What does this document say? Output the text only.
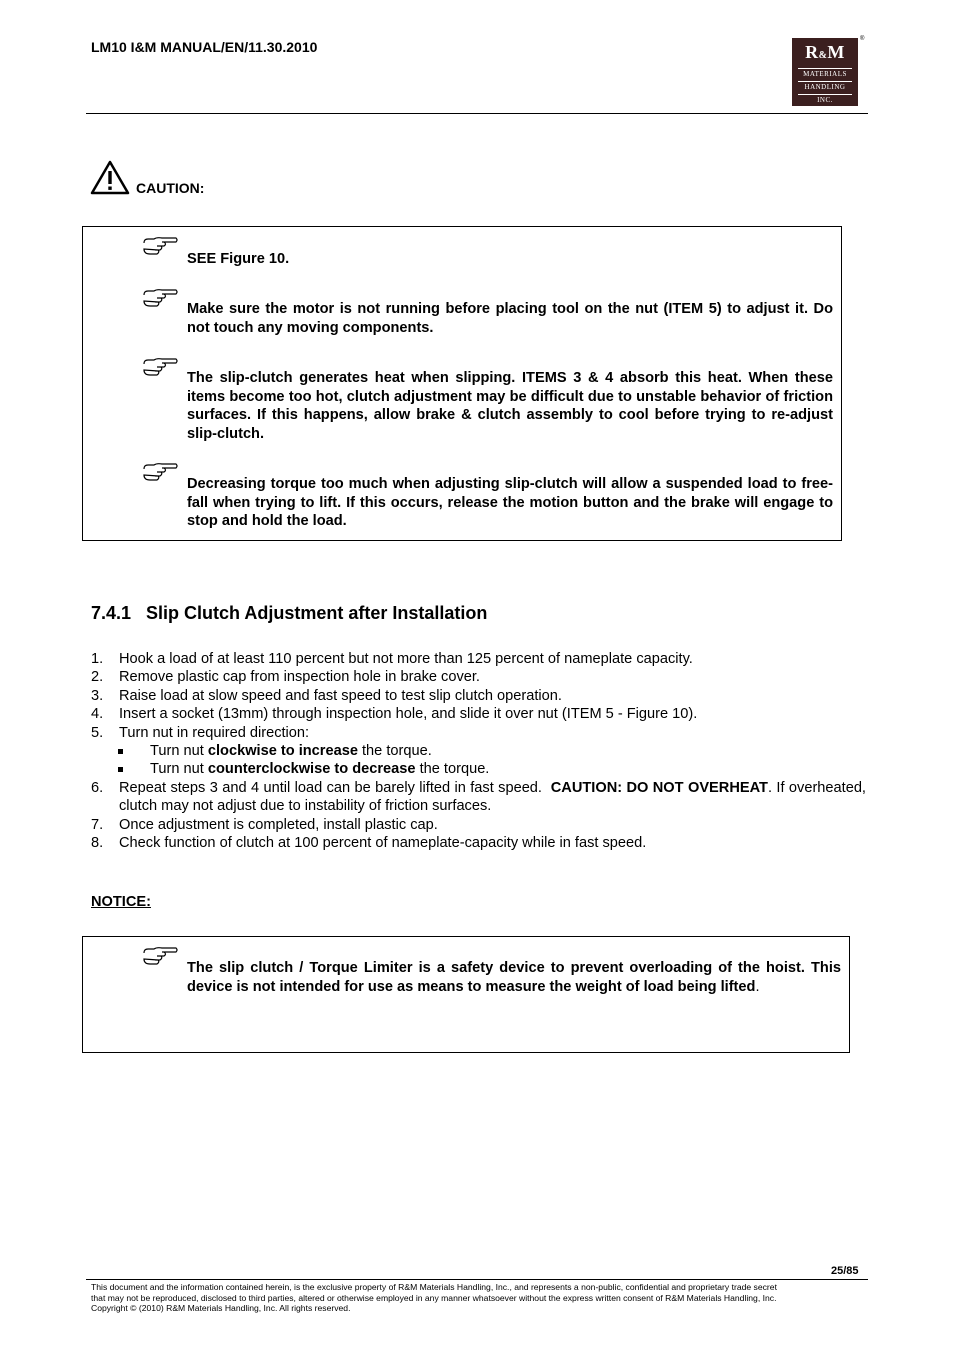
LM10 I&M MANUAL/EN/11.30.2010	R&M
MATERIALS
HANDLING
INC.
®
CAUTION:
SEE Figure 10.
Make sure the motor is not running before placing tool on the nut (ITEM 5) to adjust it. Do not touch any moving components.
The slip-clutch generates heat when slipping. ITEMS 3 & 4 absorb this heat. When these items become too hot, clutch adjustment may be difficult due to unstable behavior of friction surfaces. If this happens, allow brake & clutch assembly to cool before trying to re-adjust slip-clutch.
Decreasing torque too much when adjusting slip-clutch will allow a suspended load to free-fall when trying to lift. If this occurs, release the motion button and the brake will engage to stop and hold the load.
7.4.1   Slip Clutch Adjustment after Installation
1. Hook a load of at least 110 percent but not more than 125 percent of nameplate capacity.
2. Remove plastic cap from inspection hole in brake cover.
3. Raise load at slow speed and fast speed to test slip clutch operation.
4. Insert a socket (13mm) through inspection hole, and slide it over nut (ITEM 5 - Figure 10).
5. Turn nut in required direction:
Turn nut clockwise to increase the torque.
Turn nut counterclockwise to decrease the torque.
6. Repeat steps 3 and 4 until load can be barely lifted in fast speed.  CAUTION: DO NOT OVERHEAT. If overheated, clutch may not adjust due to instability of friction surfaces.
7. Once adjustment is completed, install plastic cap.
8. Check function of clutch at 100 percent of nameplate-capacity while in fast speed.
NOTICE:
The slip clutch / Torque Limiter is a safety device to prevent overloading of the hoist. This device is not intended for use as means to measure the weight of load being lifted.
25/85
This document and the information contained herein, is the exclusive property of R&M Materials Handling, Inc., and represents a non-public, confidential and proprietary trade secret
that may not be reproduced, disclosed to third parties, altered or otherwise employed in any manner whatsoever without the express written consent of R&M Materials Handling, Inc.
Copyright © (2010) R&M Materials Handling, Inc. All rights reserved.
